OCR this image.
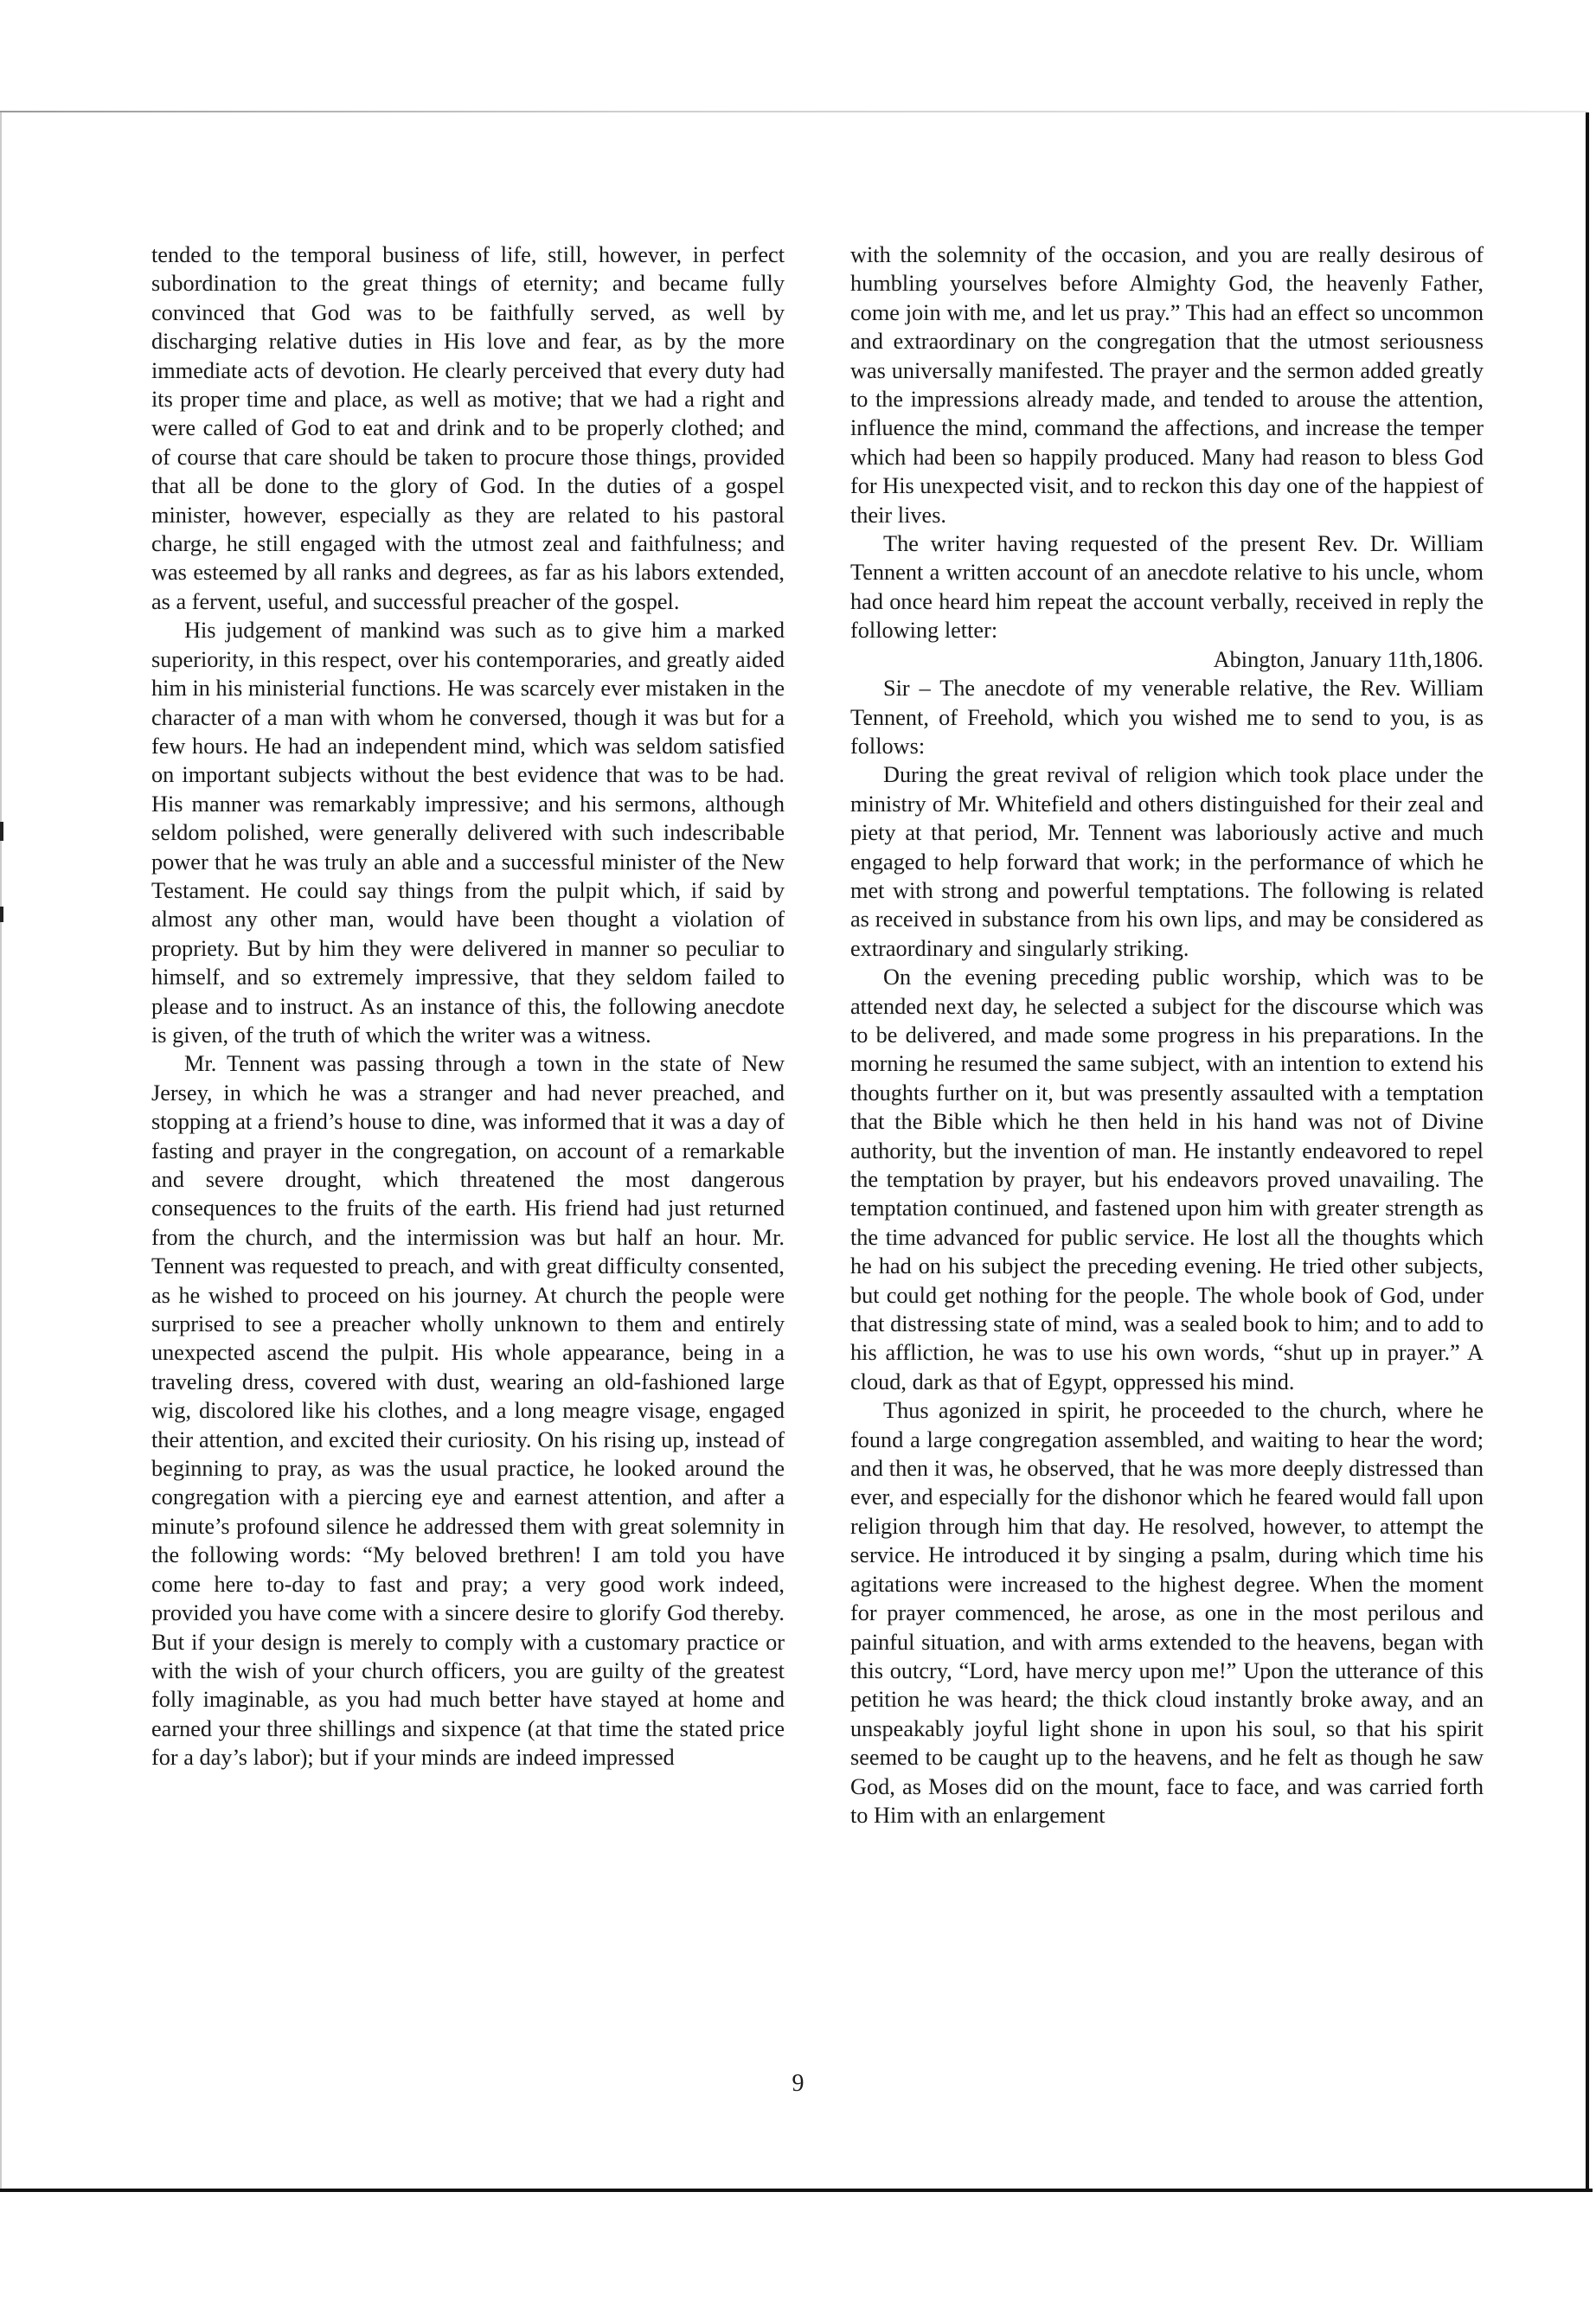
tended to the temporal business of life, still, however, in perfect subordination to the great things of eternity; and became fully convinced that God was to be faithfully served, as well by discharging relative duties in His love and fear, as by the more immediate acts of devotion. He clearly perceived that every duty had its proper time and place, as well as motive; that we had a right and were called of God to eat and drink and to be properly clothed; and of course that care should be taken to procure those things, provided that all be done to the glory of God. In the duties of a gospel minister, however, especially as they are related to his pastoral charge, he still engaged with the utmost zeal and faithfulness; and was esteemed by all ranks and degrees, as far as his labors extended, as a fervent, useful, and successful preacher of the gospel.

His judgement of mankind was such as to give him a marked superiority, in this respect, over his contemporaries, and greatly aided him in his ministerial functions. He was scarcely ever mistaken in the character of a man with whom he conversed, though it was but for a few hours. He had an independent mind, which was seldom satisfied on important subjects without the best evidence that was to be had. His manner was remarkably impressive; and his sermons, although seldom polished, were generally delivered with such indescribable power that he was truly an able and a successful minister of the New Testament. He could say things from the pulpit which, if said by almost any other man, would have been thought a violation of propriety. But by him they were delivered in manner so peculiar to himself, and so extremely impressive, that they seldom failed to please and to instruct. As an instance of this, the following anecdote is given, of the truth of which the writer was a witness.

Mr. Tennent was passing through a town in the state of New Jersey, in which he was a stranger and had never preached, and stopping at a friend’s house to dine, was informed that it was a day of fasting and prayer in the congregation, on account of a remarkable and severe drought, which threatened the most dangerous consequences to the fruits of the earth. His friend had just returned from the church, and the intermission was but half an hour. Mr. Tennent was requested to preach, and with great difficulty consented, as he wished to proceed on his journey. At church the people were surprised to see a preacher wholly unknown to them and entirely unexpected ascend the pulpit. His whole appearance, being in a traveling dress, covered with dust, wearing an old-fashioned large wig, discolored like his clothes, and a long meagre visage, engaged their attention, and excited their curiosity. On his rising up, instead of beginning to pray, as was the usual practice, he looked around the congregation with a piercing eye and earnest attention, and after a minute’s profound silence he addressed them with great solemnity in the following words: “My beloved brethren! I am told you have come here to-day to fast and pray; a very good work indeed, provided you have come with a sincere desire to glorify God thereby. But if your design is merely to comply with a customary practice or with the wish of your church officers, you are guilty of the greatest folly imaginable, as you had much better have stayed at home and earned your three shillings and sixpence (at that time the stated price for a day’s labor); but if your minds are indeed impressed

with the solemnity of the occasion, and you are really desirous of humbling yourselves before Almighty God, the heavenly Father, come join with me, and let us pray.” This had an effect so uncommon and extraordinary on the congregation that the utmost seriousness was universally manifested. The prayer and the sermon added greatly to the impressions already made, and tended to arouse the attention, influence the mind, command the affections, and increase the temper which had been so happily produced. Many had reason to bless God for His unexpected visit, and to reckon this day one of the happiest of their lives.

The writer having requested of the present Rev. Dr. William Tennent a written account of an anecdote relative to his uncle, whom had once heard him repeat the account verbally, received in reply the following letter:

Abington, January 11th,1806.

Sir – The anecdote of my venerable relative, the Rev. William Tennent, of Freehold, which you wished me to send to you, is as follows:

During the great revival of religion which took place under the ministry of Mr. Whitefield and others distinguished for their zeal and piety at that period, Mr. Tennent was laboriously active and much engaged to help forward that work; in the performance of which he met with strong and powerful temptations. The following is related as received in substance from his own lips, and may be considered as extraordinary and singularly striking.

On the evening preceding public worship, which was to be attended next day, he selected a subject for the discourse which was to be delivered, and made some progress in his preparations. In the morning he resumed the same subject, with an intention to extend his thoughts further on it, but was presently assaulted with a temptation that the Bible which he then held in his hand was not of Divine authority, but the invention of man. He instantly endeavored to repel the temptation by prayer, but his endeavors proved unavailing. The temptation continued, and fastened upon him with greater strength as the time advanced for public service. He lost all the thoughts which he had on his subject the preceding evening. He tried other subjects, but could get nothing for the people. The whole book of God, under that distressing state of mind, was a sealed book to him; and to add to his affliction, he was to use his own words, “shut up in prayer.” A cloud, dark as that of Egypt, oppressed his mind.

Thus agonized in spirit, he proceeded to the church, where he found a large congregation assembled, and waiting to hear the word; and then it was, he observed, that he was more deeply distressed than ever, and especially for the dishonor which he feared would fall upon religion through him that day. He resolved, however, to attempt the service. He introduced it by singing a psalm, during which time his agitations were increased to the highest degree. When the moment for prayer commenced, he arose, as one in the most perilous and painful situation, and with arms extended to the heavens, began with this outcry, “Lord, have mercy upon me!” Upon the utterance of this petition he was heard; the thick cloud instantly broke away, and an unspeakably joyful light shone in upon his soul, so that his spirit seemed to be caught up to the heavens, and he felt as though he saw God, as Moses did on the mount, face to face, and was carried forth to Him with an enlargement

9
